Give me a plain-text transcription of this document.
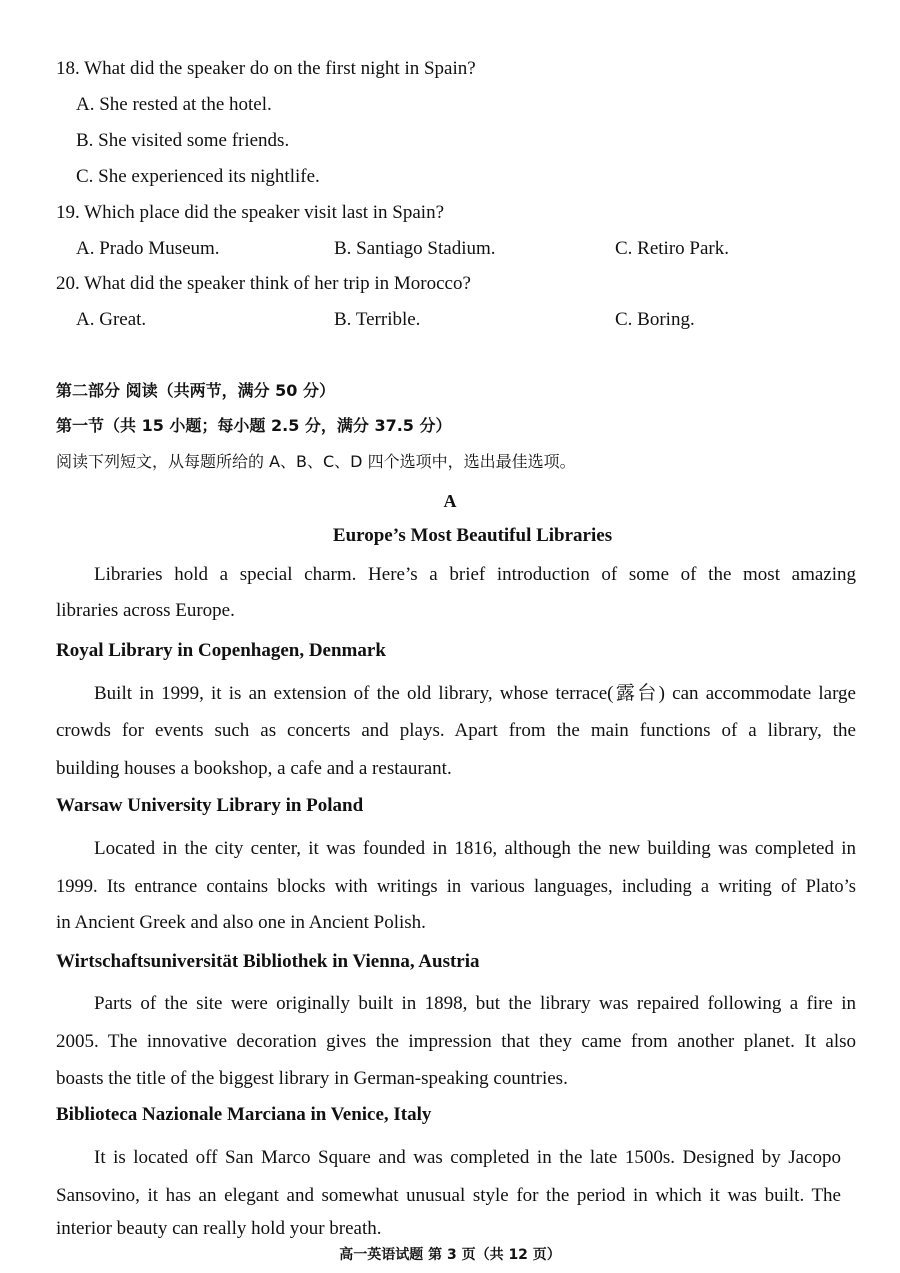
18. What did the speaker do on the first night in Spain?
A. She rested at the hotel.
B. She visited some friends.
C. She experienced its nightlife.
19. Which place did the speaker visit last in Spain?
A. Prado Museum.	B. Santiago Stadium.	C. Retiro Park.
20. What did the speaker think of her trip in Morocco?
A. Great.	B. Terrible.	C. Boring.
第二部分 阅读（共两节，满分 50 分）
第一节（共 15 小题；每小题 2.5 分，满分 37.5 分）
阅读下列短文，从每题所给的 A、B、C、D 四个选项中，选出最佳选项。
A
Europe’s Most Beautiful Libraries
Libraries hold a special charm. Here’s a brief introduction of some of the most amazing
libraries across Europe.
Royal Library in Copenhagen, Denmark
Built in 1999, it is an extension of the old library, whose terrace(露台) can accommodate large
crowds for events such as concerts and plays. Apart from the main functions of a library, the
building houses a bookshop, a cafe and a restaurant.
Warsaw University Library in Poland
Located in the city center, it was founded in 1816, although the new building was completed in
1999. Its entrance contains blocks with writings in various languages, including a writing of Plato’s
in Ancient Greek and also one in Ancient Polish.
Wirtschaftsuniversität Bibliothek in Vienna, Austria
Parts of the site were originally built in 1898, but the library was repaired following a fire in
2005. The innovative decoration gives the impression that they came from another planet. It also
boasts the title of the biggest library in German-speaking countries.
Biblioteca Nazionale Marciana in Venice, Italy
It is located off San Marco Square and was completed in the late 1500s. Designed by Jacopo
Sansovino, it has an elegant and somewhat unusual style for the period in which it was built. The
interior beauty can really hold your breath.
高一英语试题 第 3 页（共 12 页）
